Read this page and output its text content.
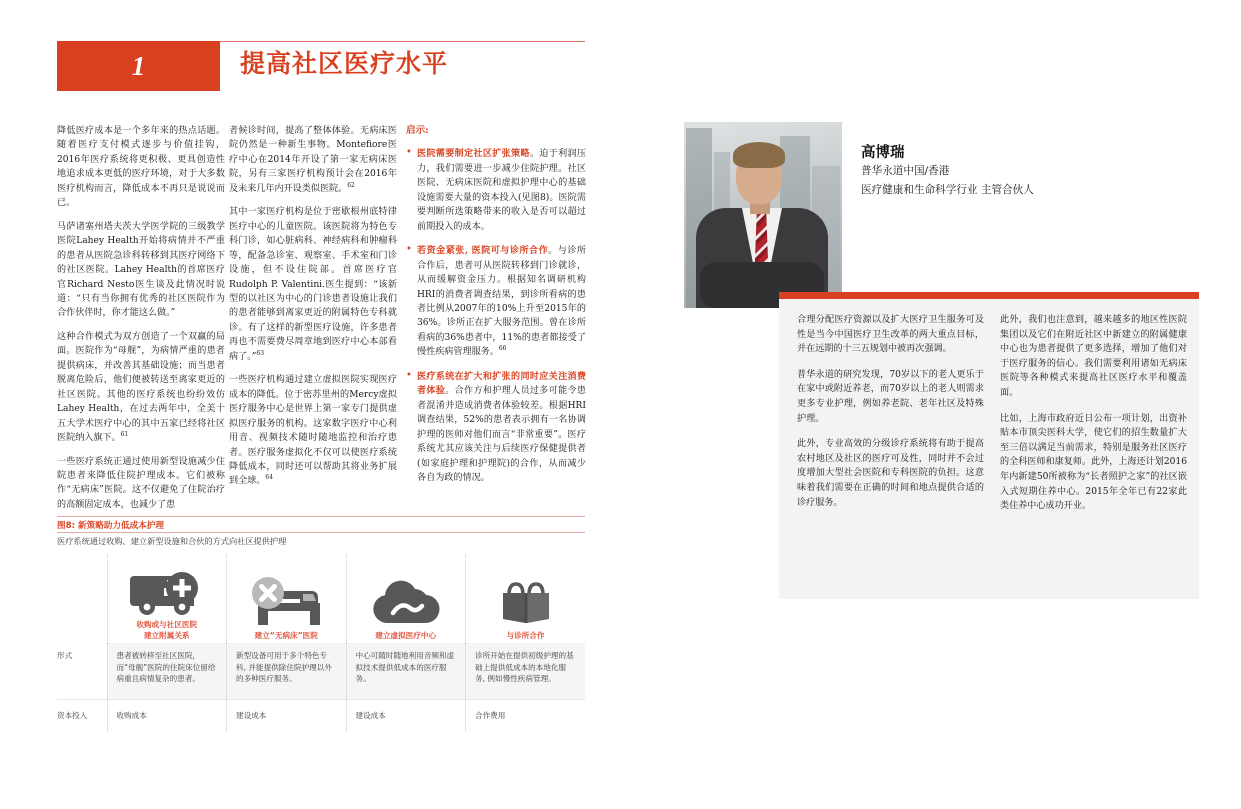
1	提高社区医疗水平

降低医疗成本是一个多年来的热点话题。随着医疗支付模式逐步与价值挂钩，2016年医疗系统将更积极、更具创造性地追求成本更低的医疗环境，对于大多数医疗机构而言，降低成本不再只是说说而已。

马萨诸塞州塔夫茨大学医学院的三级教学医院Lahey Health开始将病情并不严重的患者从医院急诊科转移到其医疗网络下的社区医院。Lahey Health的首席医疗官Richard Nesto医生谈及此情况时说道：“只有当你拥有优秀的社区医院作为合作伙伴时，你才能这么做。”

这种合作模式为双方创造了一个双赢的局面。医院作为“母舰”，为病情严重的患者提供病床，并改善其基础设施；而当患者脱离危险后，他们便被转送至离家更近的社区医院。其他的医疗系统也纷纷效仿Lahey Health，在过去两年中，全美十五大学术医疗中心的其中五家已经将社区医院纳入旗下。$^{61}$

一些医疗系统正通过使用新型设施减少住院患者来降低住院护理成本。它们被称作“无病床”医院。这不仅避免了住院治疗的高额固定成本，也减少了患

者候诊时间，提高了整体体验。无病床医院仍然是一种新生事物。Montefiore医疗中心在2014年开设了第一家无病床医院，另有三家医疗机构预计会在2016年及未来几年内开设类似医院。$^{62}$

其中一家医疗机构是位于密歇根州底特律医疗中心的儿童医院。该医院将为特色专科门诊，如心脏病科、神经病科和肿瘤科等，配备急诊室、观察室、手术室和门诊设施，但不设住院部。首席医疗官Rudolph P. Valentini.医生提到：“该新型的以社区为中心的门诊患者设施让我们的患者能够到离家更近的附属特色专科就诊。有了这样的新型医疗设施，许多患者再也不需要费尽周章地到医疗中心本部看病了。”$^{63}$

一些医疗机构通过建立虚拟医院实现医疗成本的降低。位于密苏里州的Mercy虚拟医疗服务中心是世界上第一家专门提供虚拟医疗服务的机构。这家数字医疗中心利用音、视频技术随时随地监控和治疗患者。医疗服务虚拟化不仅可以使医疗系统降低成本，同时还可以帮助其将业务扩展到全球。$^{64}$

启示:

• 医院需要制定社区扩张策略。迫于利润压力，我们需要进一步减少住院护理。社区医院、无病床医院和虚拟护理中心的基础设施需要大量的资本投入(见图8)。医院需要判断所选策略带来的收入是否可以超过前期投入的成本。
• 若资金紧张, 医院可与诊所合作。与诊所合作后，患者可从医院转移到门诊就诊，从而缓解资金压力。根据知名调研机构HRI的消费者调查结果，到诊所看病的患者比例从2007年的10%上升至2015年的36%。诊所正在扩大服务范围。曾在诊所看病的36%患者中，11%的患者都接受了慢性疾病管理服务。$^{66}$
• 医疗系统在扩大和扩张的同时应关注消费者体验。合作方和护理人员过多可能令患者混淆并造成消费者体验较差。根据HRI调查结果，52%的患者表示拥有一名协调护理的医师对他们而言“非常重要”。医疗系统尤其应该关注与后续医疗保健提供者(如家庭护理和护理院)的合作，从而减少各自为政的情况。
图8: 新策略助力低成本护理
医疗系统通过收购、建立新型设施和合伙的方式向社区提供护理

	收购或与社区医院
建立附属关系	建立“无病床”医院	建立虚拟医疗中心	与诊所合作

形式	患者被转移至社区医院，而“母舰”医院的住院床位留给病重且病情复杂的患者。	新型设备可用于多个特色专科, 并能提供除住院护理以外的多种医疗服务。	中心可随时随地利用音频和虚拟技术提供低成本的医疗服务。	诊所开始在提供初级护理的基础上提供低成本的本地化服务, 例如慢性疾病管理。
资本投入	收购成本	建设成本	建设成本	合作费用
高博瑞
普华永道中国/香港
医疗健康和生命科学行业 主管合伙人

合理分配医疗资源以及扩大医疗卫生服务可及性是当今中国医疗卫生改革的两大重点目标，并在远期的十三五规划中被再次强调。

普华永道的研究发现，70岁以下的老人更乐于在家中或附近养老，而70岁以上的老人则需求更多专业护理，例如养老院、老年社区及特殊护理。

此外，专业高效的分级诊疗系统将有助于提高农村地区及社区的医疗可及性，同时并不会过度增加大型社会医院和专科医院的负担。这意味着我们需要在正确的时间和地点提供合适的诊疗服务。

此外，我们也注意到，越来越多的地区性医院集团以及它们在附近社区中新建立的附属健康中心也为患者提供了更多选择，增加了他们对于医疗服务的信心。我们需要利用诸如无病床医院等各种模式来提高社区医疗水平和覆盖面。

比如，上海市政府近日公布一项计划，出资补贴本市顶尖医科大学，使它们的招生数量扩大至三倍以满足当前需求，特别是服务社区医疗的全科医师和康复师。此外，上海还计划2016年内新建50所被称为“长者照护之家”的社区嵌入式短期住养中心。2015年全年已有22家此类住养中心成功开业。
